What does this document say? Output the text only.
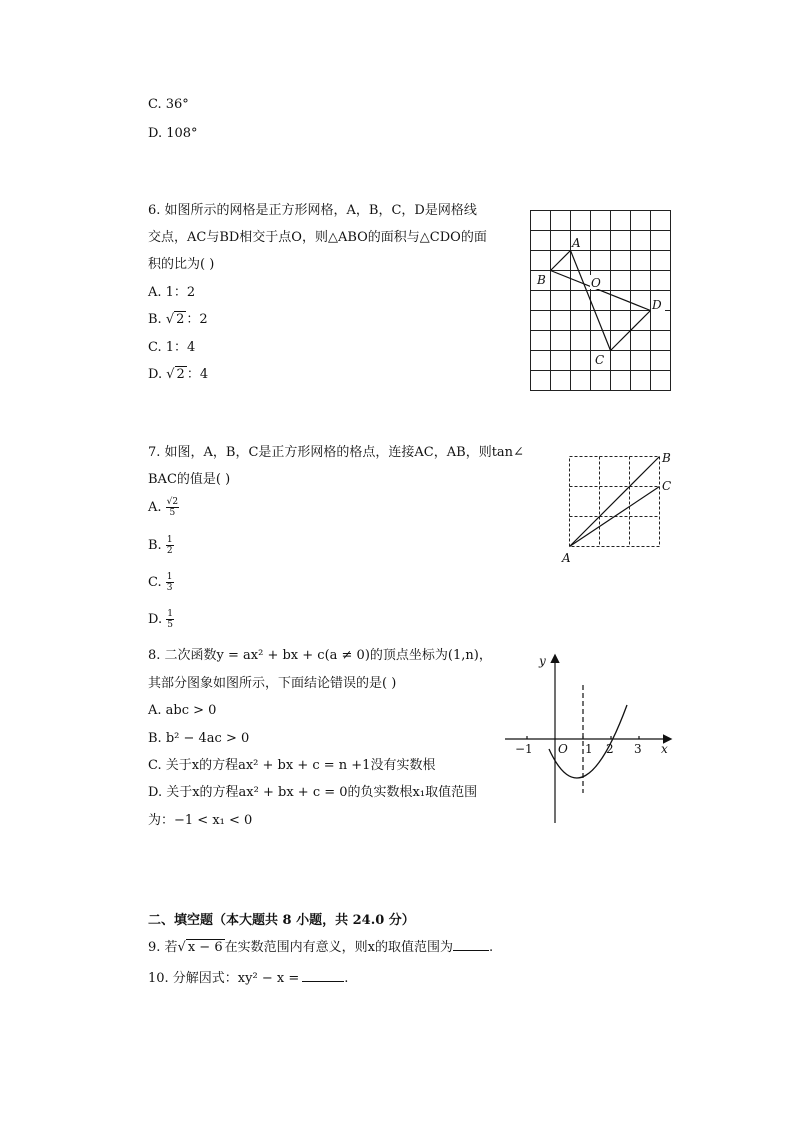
C. 36°
D. 108°
6. 如图所示的网格是正方形网格，A，B，C，D是网格线
交点，AC与BD相交于点O，则△ABO的面积与△CDO的面
积的比为( )
A. 1：2
B. √ 2 ：2
C. 1：4
D. √ 2 ：4
A
B	O
D
C
7. 如图，A，B，C是正方形网格的格点，连接AC，AB，则tan∠
BAC的值是( )
A. $\frac{√2}{5}$
B. $\frac{1}{2}$
C. $\frac{1}{3}$
D. $\frac{1}{5}$
A
B
C
8. 二次函数y = ax² + bx + c(a ≠ 0)的顶点坐标为(1,n)，
其部分图象如图所示，下面结论错误的是( )
A. abc > 0
B. b² − 4ac > 0
C. 关于x的方程ax² + bx + c = n +1没有实数根
D. 关于x的方程ax² + bx + c = 0的负实数根x₁取值范围
为：−1 < x₁ < 0
y
x
O
−1	1 2 3
二、填空题（本大题共 8 小题，共 24.0 分）
9. 若√ x − 6 在实数范围内有意义，则x的取值范围为	.
10. 分解因式：xy² − x =	.
